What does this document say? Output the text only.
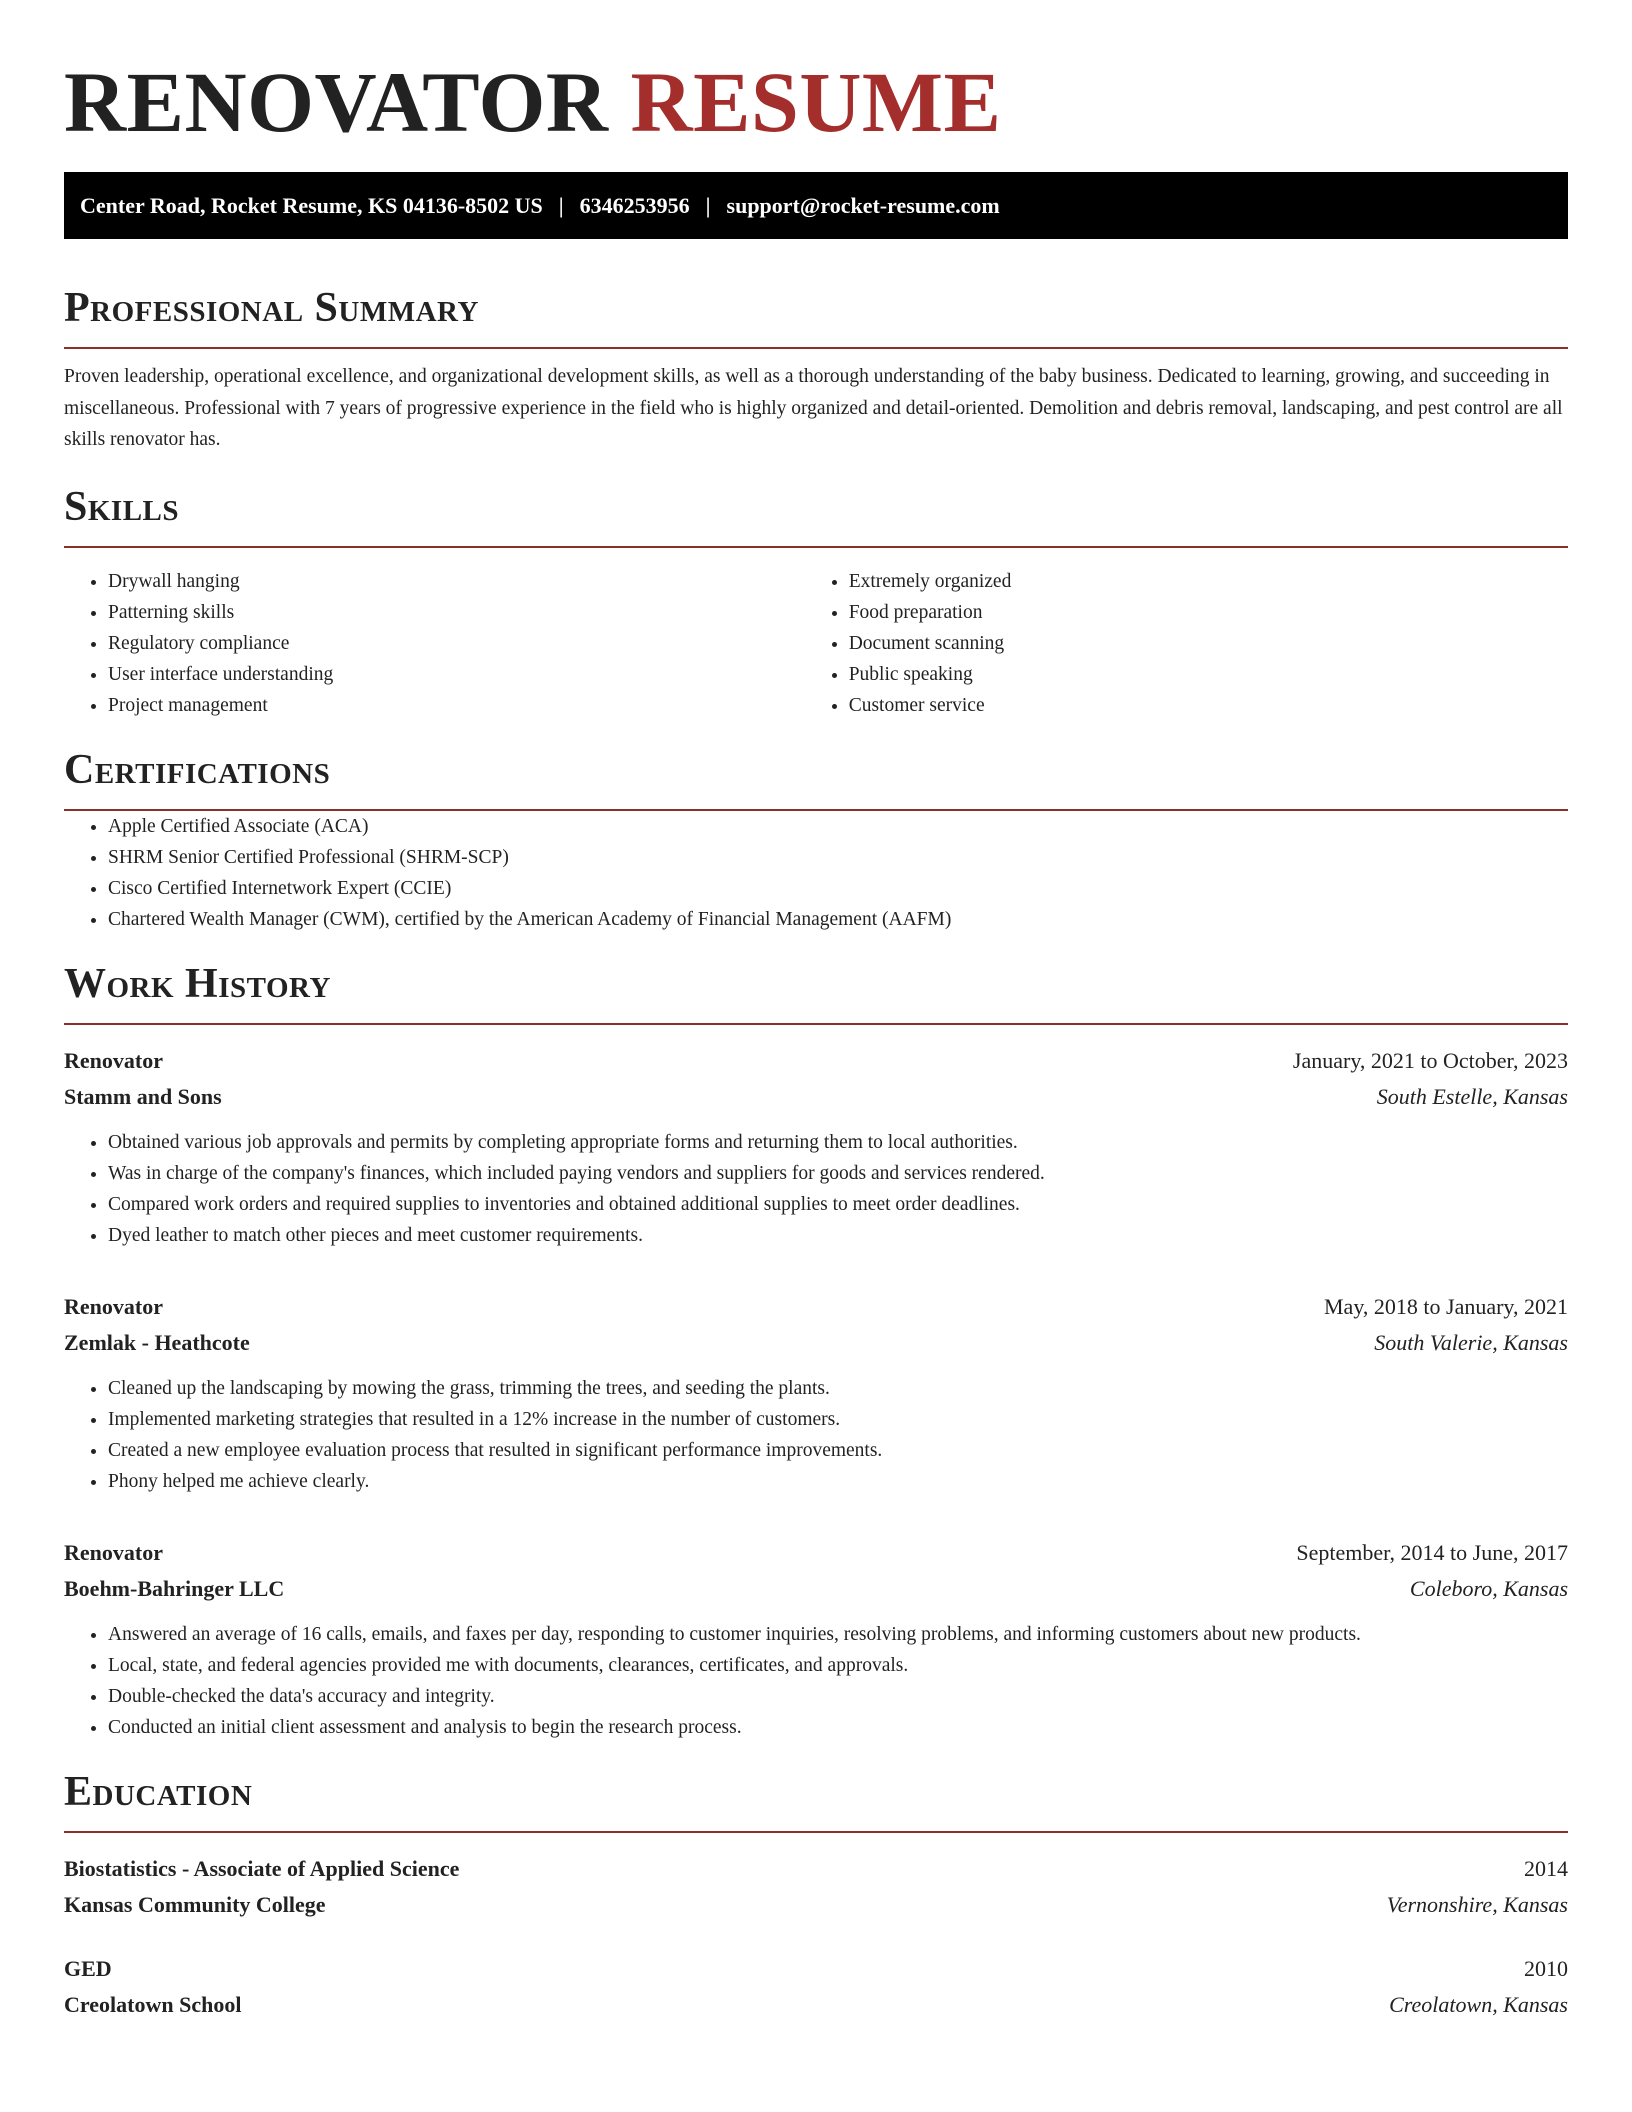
RENOVATOR RESUME
Center Road, Rocket Resume, KS 04136-8502 US | 6346253956 | support@rocket-resume.com
Professional Summary

Proven leadership, operational excellence, and organizational development skills, as well as a thorough understanding of the baby business. Dedicated to learning, growing, and succeeding in miscellaneous. Professional with 7 years of progressive experience in the field who is highly organized and detail-oriented. Demolition and debris removal, landscaping, and pest control are all skills renovator has.

Skills
• Drywall hanging
• Patterning skills
• Regulatory compliance
• User interface understanding
• Project management
• Extremely organized
• Food preparation
• Document scanning
• Public speaking
• Customer service
Certifications
• Apple Certified Associate (ACA)
• SHRM Senior Certified Professional (SHRM-SCP)
• Cisco Certified Internetwork Expert (CCIE)
• Chartered Wealth Manager (CWM), certified by the American Academy of Financial Management (AAFM)
Work History
Renovator	January, 2021 to October, 2023
Stamm and Sons	South Estelle, Kansas
• Obtained various job approvals and permits by completing appropriate forms and returning them to local authorities.
• Was in charge of the company's finances, which included paying vendors and suppliers for goods and services rendered.
• Compared work orders and required supplies to inventories and obtained additional supplies to meet order deadlines.
• Dyed leather to match other pieces and meet customer requirements.
Renovator	May, 2018 to January, 2021
Zemlak - Heathcote	South Valerie, Kansas
• Cleaned up the landscaping by mowing the grass, trimming the trees, and seeding the plants.
• Implemented marketing strategies that resulted in a 12% increase in the number of customers.
• Created a new employee evaluation process that resulted in significant performance improvements.
• Phony helped me achieve clearly.
Renovator	September, 2014 to June, 2017
Boehm-Bahringer LLC	Coleboro, Kansas
• Answered an average of 16 calls, emails, and faxes per day, responding to customer inquiries, resolving problems, and informing customers about new products.
• Local, state, and federal agencies provided me with documents, clearances, certificates, and approvals.
• Double-checked the data's accuracy and integrity.
• Conducted an initial client assessment and analysis to begin the research process.
Education
Biostatistics - Associate of Applied Science	2014
Kansas Community College	Vernonshire, Kansas
GED	2010
Creolatown School	Creolatown, Kansas
